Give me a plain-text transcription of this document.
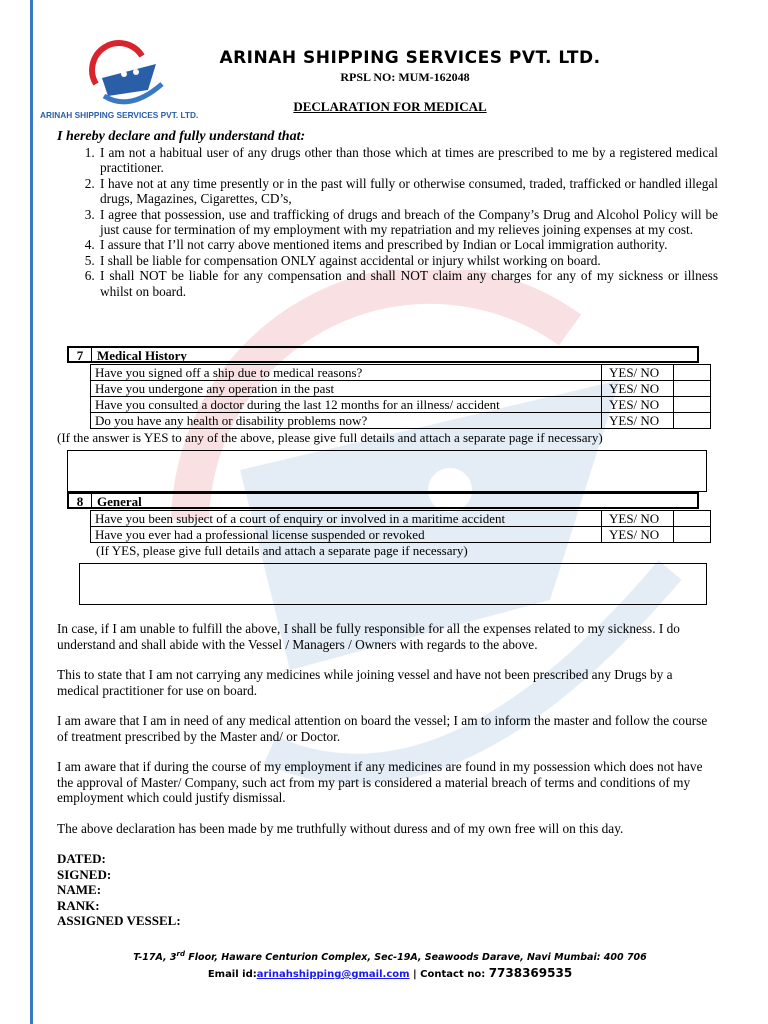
ARINAH SHIPPING SERVICES PVT. LTD.
ARINAH SHIPPING SERVICES PVT. LTD.
RPSL NO: MUM-162048
DECLARATION FOR MEDICAL
I hereby declare and fully understand that:
1. I am not a habitual user of any drugs other than those which at times are prescribed to me by a registered medical practitioner.
2. I have not at any time presently or in the past will fully or otherwise consumed, traded, trafficked or handled illegal drugs, Magazines, Cigarettes, CD’s,
3. I agree that possession, use and trafficking of drugs and breach of the Company’s Drug and Alcohol Policy will be just cause for termination of my employment with my repatriation and my relieves joining expenses at my cost.
4. I assure that I’ll not carry above mentioned items and prescribed by Indian or Local immigration authority.
5. I shall be liable for compensation ONLY against accidental or injury whilst working on board.
6. I shall NOT be liable for any compensation and shall NOT claim any charges for any of my sickness or illness whilst on board.
7	Medical History
Have you signed off a ship due to medical reasons?	YES/ NO	
Have you undergone any operation in the past	YES/ NO	
Have you consulted a doctor during the last 12 months for an illness/ accident	YES/ NO	
Do you have any health or disability problems now?	YES/ NO	
(If the answer is YES to any of the above, please give full details and attach a separate page if necessary)
8	General
Have you been subject of a court of enquiry or involved in a maritime accident	YES/ NO	
Have you ever had a professional license suspended or revoked	YES/ NO	
(If YES, please give full details and attach a separate page if necessary)
In case, if I am unable to fulfill the above, I shall be fully responsible for all the expenses related to my sickness. I do understand and shall abide with the Vessel / Managers / Owners with regards to the above.
This to state that I am not carrying any medicines while joining vessel and have not been prescribed any Drugs by a medical practitioner for use on board.
I am aware that I am in need of any medical attention on board the vessel; I am to inform the master and follow the course of treatment prescribed by the Master and/ or Doctor.
I am aware that if during the course of my employment if any medicines are found in my possession which does not have the approval of Master/ Company, such act from my part is considered a material breach of terms and conditions of my employment which could justify dismissal.
The above declaration has been made by me truthfully without duress and of my own free will on this day.
DATED:
SIGNED:
NAME:
RANK:
ASSIGNED VESSEL:
T-17A, 3rd Floor, Haware Centurion Complex, Sec-19A, Seawoods Darave, Navi Mumbai: 400 706
Email id:arinahshipping@gmail.com | Contact no: 7738369535
